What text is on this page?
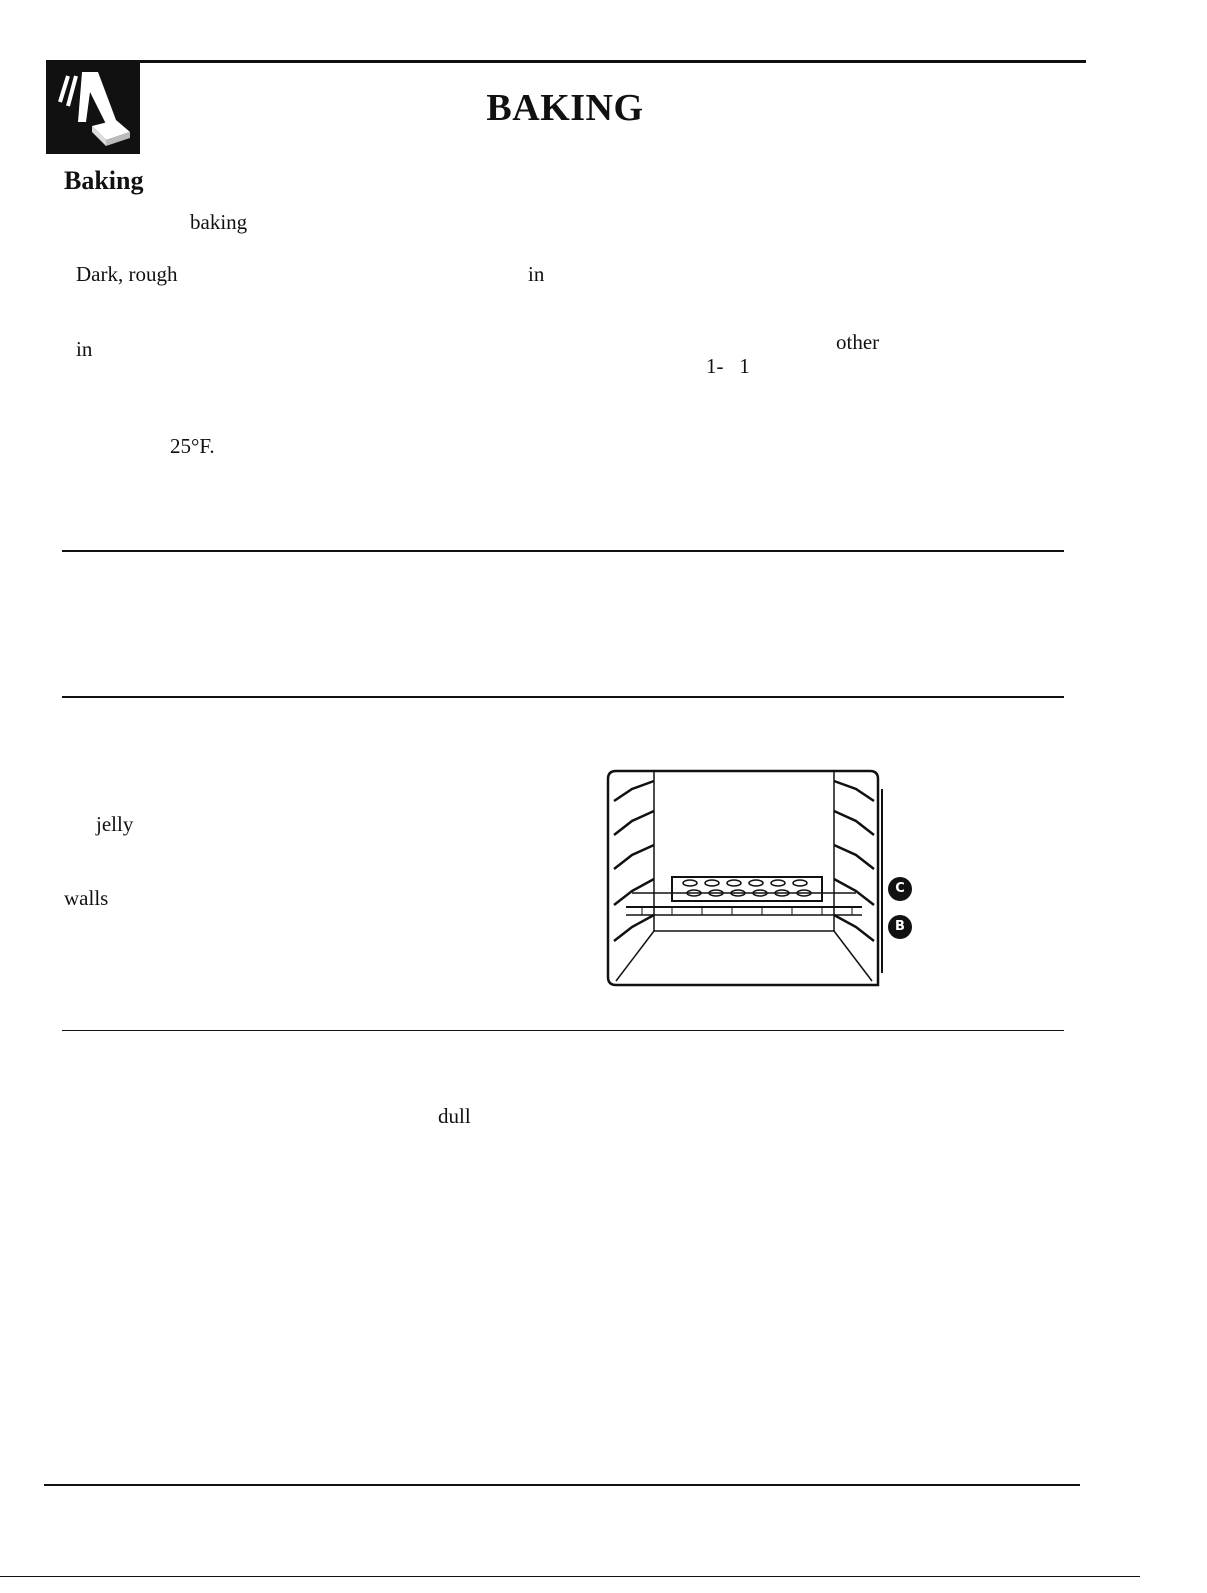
BAKING
Baking
baking
Dark, rough	in
in	other
1-   1
25°F.
jelly
walls	C
B
dull
